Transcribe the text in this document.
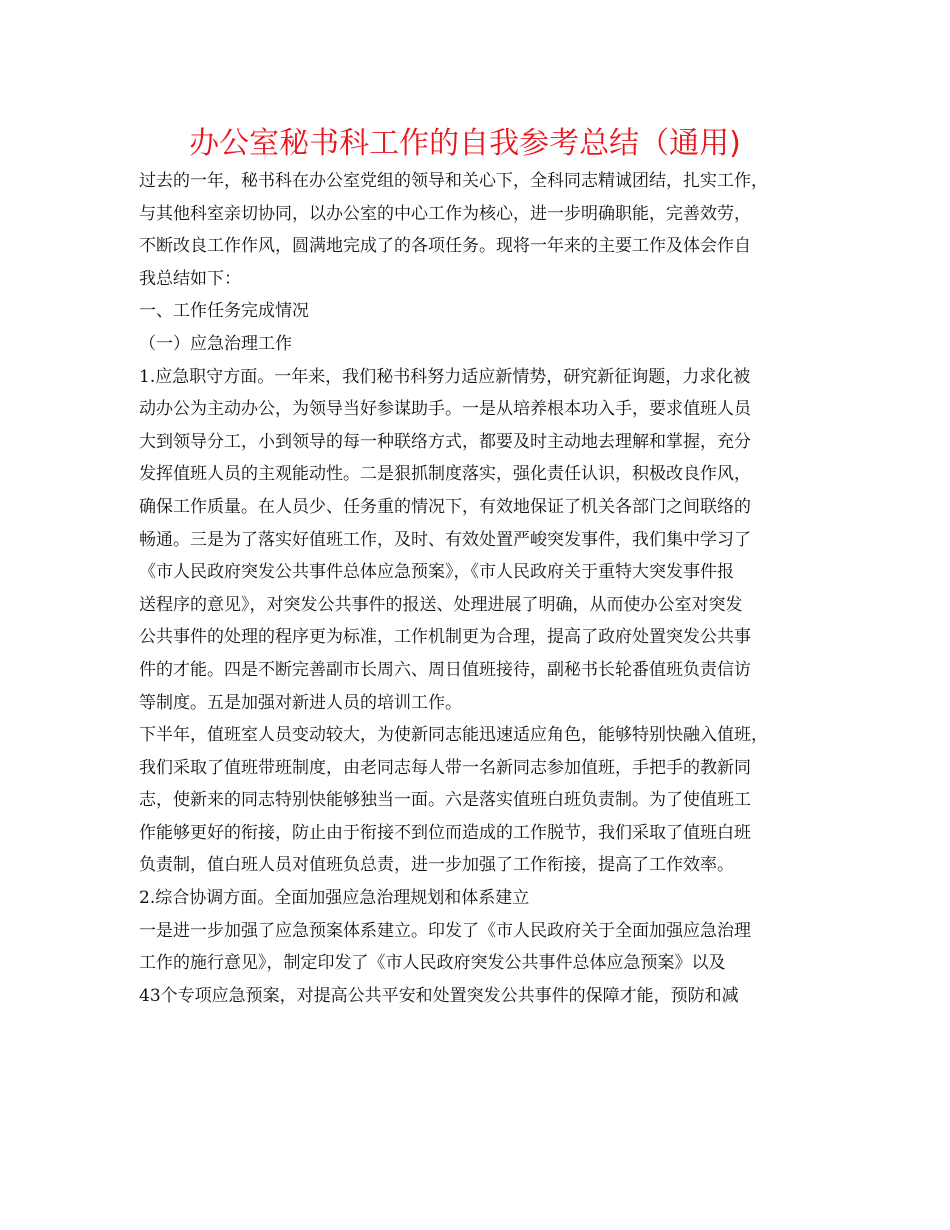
办公室秘书科工作的自我参考总结（通用)
过去的一年，秘书科在办公室党组的领导和关心下，全科同志精诚团结，扎实工作，
与其他科室亲切协同，以办公室的中心工作为核心，进一步明确职能，完善效劳，
不断改良工作作风，圆满地完成了的各项任务。现将一年来的主要工作及体会作自
我总结如下：
一、工作任务完成情况
（一）应急治理工作
1.应急职守方面。一年来，我们秘书科努力适应新情势，研究新征询题，力求化被
动办公为主动办公，为领导当好参谋助手。一是从培养根本功入手，要求值班人员
大到领导分工，小到领导的每一种联络方式，都要及时主动地去理解和掌握，充分
发挥值班人员的主观能动性。二是狠抓制度落实，强化责任认识，积极改良作风，
确保工作质量。在人员少、任务重的情况下，有效地保证了机关各部门之间联络的
畅通。三是为了落实好值班工作，及时、有效处置严峻突发事件，我们集中学习了
《市人民政府突发公共事件总体应急预案》，《市人民政府关于重特大突发事件报
送程序的意见》，对突发公共事件的报送、处理进展了明确，从而使办公室对突发
公共事件的处理的程序更为标准，工作机制更为合理，提高了政府处置突发公共事
件的才能。四是不断完善副市长周六、周日值班接待，副秘书长轮番值班负责信访
等制度。五是加强对新进人员的培训工作。
下半年，值班室人员变动较大，为使新同志能迅速适应角色，能够特别快融入值班，
我们采取了值班带班制度，由老同志每人带一名新同志参加值班，手把手的教新同
志，使新来的同志特别快能够独当一面。六是落实值班白班负责制。为了使值班工
作能够更好的衔接，防止由于衔接不到位而造成的工作脱节，我们采取了值班白班
负责制，值白班人员对值班负总责，进一步加强了工作衔接，提高了工作效率。
2.综合协调方面。全面加强应急治理规划和体系建立
一是进一步加强了应急预案体系建立。印发了《市人民政府关于全面加强应急治理
工作的施行意见》，制定印发了《市人民政府突发公共事件总体应急预案》以及
43个专项应急预案，对提高公共平安和处置突发公共事件的保障才能，预防和减
